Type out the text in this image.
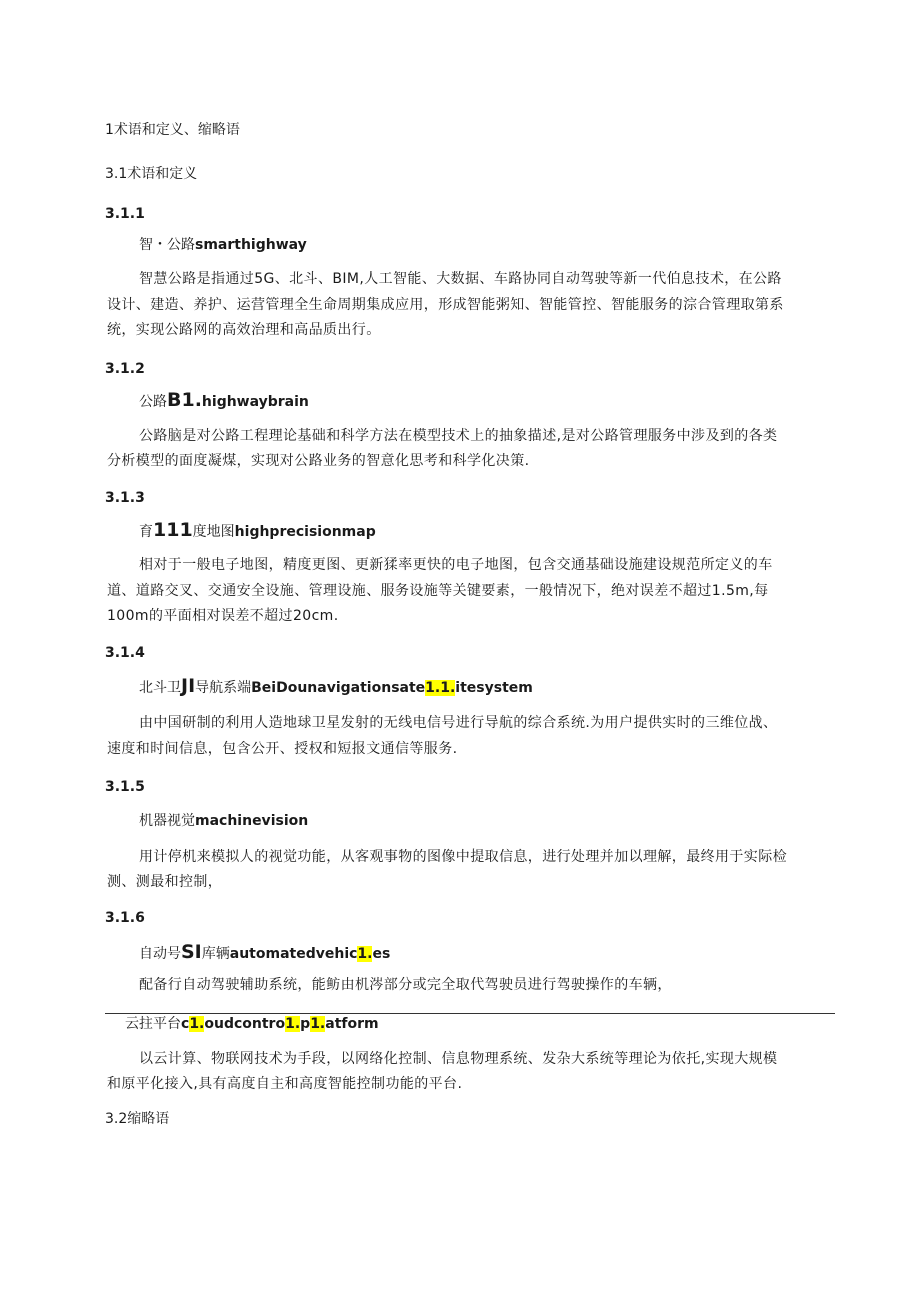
1术语和定义、缩略语
3.1术语和定义
3.1.1
智・公路smarthighway
智慧公路是指通过5G、北斗、BIM,人工智能、大数据、车路协同自动驾驶等新一代伯息技术，在公路
设计、建造、养护、运营管理全生命周期集成应用，形成智能粥知、智能管控、智能服务的淙合管理取第系
统，实现公路网的高效治理和高品质出行。
3.1.2
公路B1.highwaybrain
公路脑是对公路工程理论基础和科学方法在模型技术上的抽象描述,是对公路管理服务中涉及到的各类
分析模型的面度凝煤，实现对公路业务的智意化思考和科学化决策.
3.1.3
育111度地图highprecisionmap
相对于一般电子地图，精度更图、更新猱率更快的电子地图，包含交通基础设施建设规范所定义的车
道、道路交叉、交通安全设施、管理设施、服务设施等关键要素，一般情况下，绝对误差不超过1.5m,每
100m的平面相对误差不超过20cm.
3.1.4
北斗卫JI导航系端BeiDounavigationsate1.1.itesystem
由中国研制的利用人造地球卫星发射的无线电信号进行导航的综合系统.为用户提供实时的三维位战、
速度和时间信息，包含公开、授权和短报文通信等服务.
3.1.5
机器视觉machinevision
用计停机来模拟人的视觉功能，从客观事物的图像中提取信息，进行处理并加以理解，最终用于实际检
测、测最和控制，
3.1.6
自动号SI库辆automatedvehic1.es
配备行自动驾驶辅助系统，能鲂由机涔部分或完全取代驾驶员进行驾驶操作的车辆，
云拄平台c1.oudcontro1.p1.atform
以云计算、物联网技术为手段，以网络化控制、信息物理系统、发杂大系统等理论为依托,实现大规模
和原平化接入,具有高度自主和高度智能控制功能的平台.
3.2缩略语
